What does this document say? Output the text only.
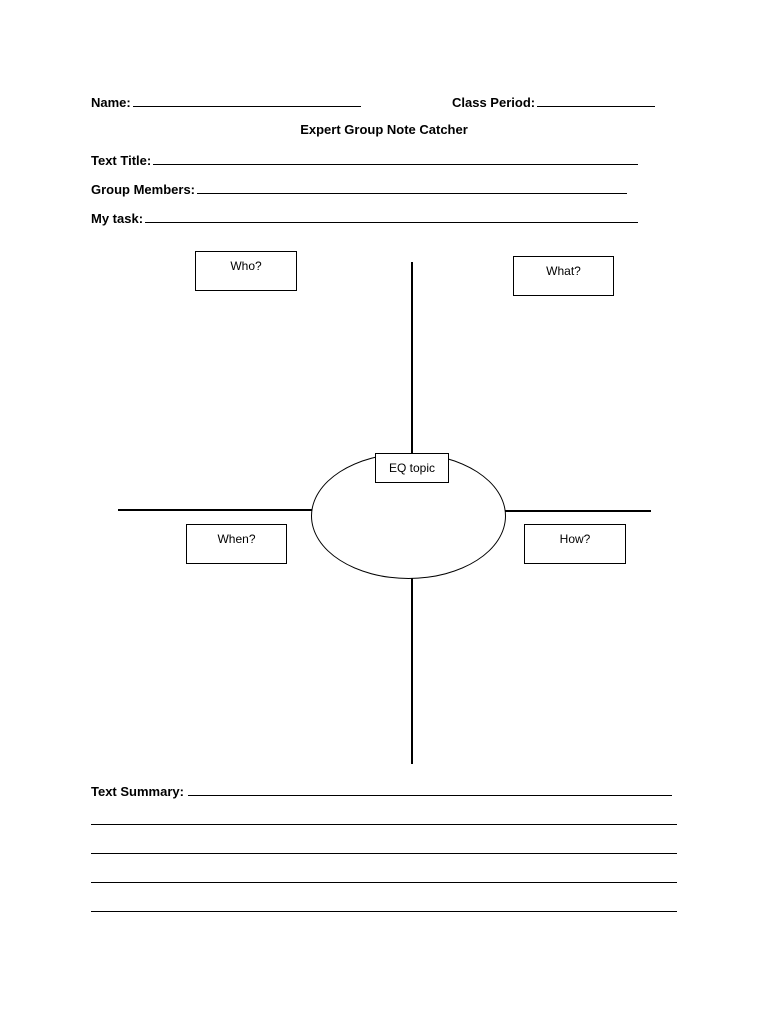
Name:	Class Period:
Expert Group Note Catcher
Text Title:
Group Members:
My task:
EQ topic
Who?	What?
When?	How?
Text Summary:
